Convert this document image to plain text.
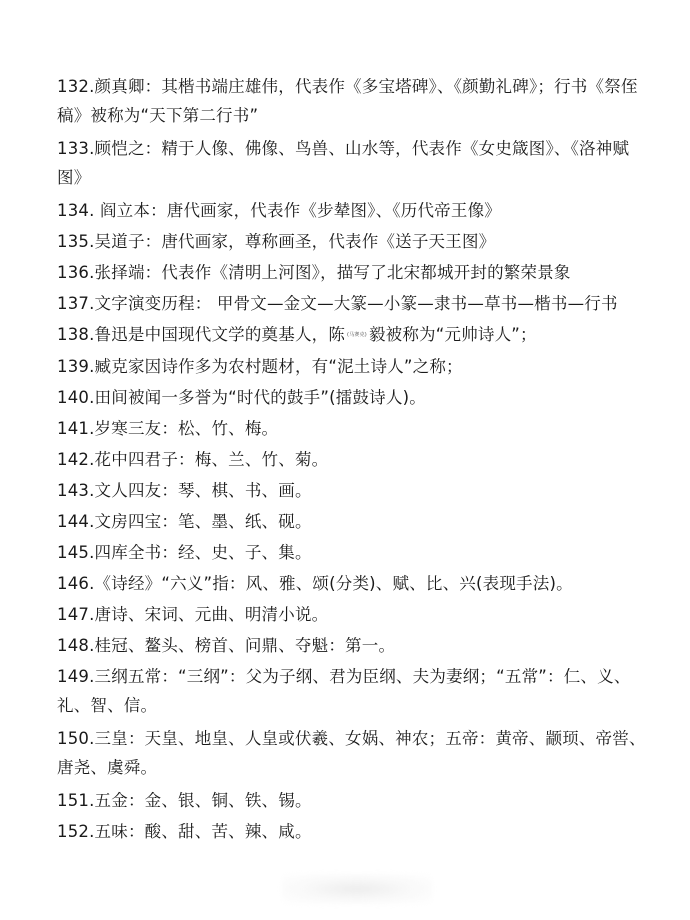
132.颜真卿：其楷书端庄雄伟，代表作《多宝塔碑》、《颜勤礼碑》；行书《祭侄稿》被称为“天下第二行书”

133.顾恺之：精于人像、佛像、鸟兽、山水等，代表作《女史箴图》、《洛神赋图》

134. 阎立本：唐代画家，代表作《步辇图》、《历代帝王像》

135.吴道子：唐代画家，尊称画圣，代表作《送子天王图》

136.张择端：代表作《清明上河图》，描写了北宋都城开封的繁荣景象

137.文字演变历程： 甲骨文—金文—大篆—小篆—隶书—草书—楷书—行书

138.鲁迅是中国现代文学的奠基人，陈 (马赛克) 毅被称为“元帅诗人”；

139.臧克家因诗作多为农村题材，有“泥土诗人”之称；

140.田间被闻一多誉为“时代的鼓手”(擂鼓诗人)。

141.岁寒三友：松、竹、梅。

142.花中四君子：梅、兰、竹、菊。

143.文人四友：琴、棋、书、画。

144.文房四宝：笔、墨、纸、砚。

145.四库全书：经、史、子、集。

146.《诗经》“六义”指：风、雅、颂(分类)、赋、比、兴(表现手法)。

147.唐诗、宋词、元曲、明清小说。

148.桂冠、鳌头、榜首、问鼎、夺魁：第一。

149.三纲五常：“三纲”：父为子纲、君为臣纲、夫为妻纲；“五常”：仁、义、礼、智、信。

150.三皇：天皇、地皇、人皇或伏羲、女娲、神农；五帝：黄帝、颛顼、帝喾、唐尧、虞舜。

151.五金：金、银、铜、铁、锡。

152.五味：酸、甜、苦、辣、咸。
